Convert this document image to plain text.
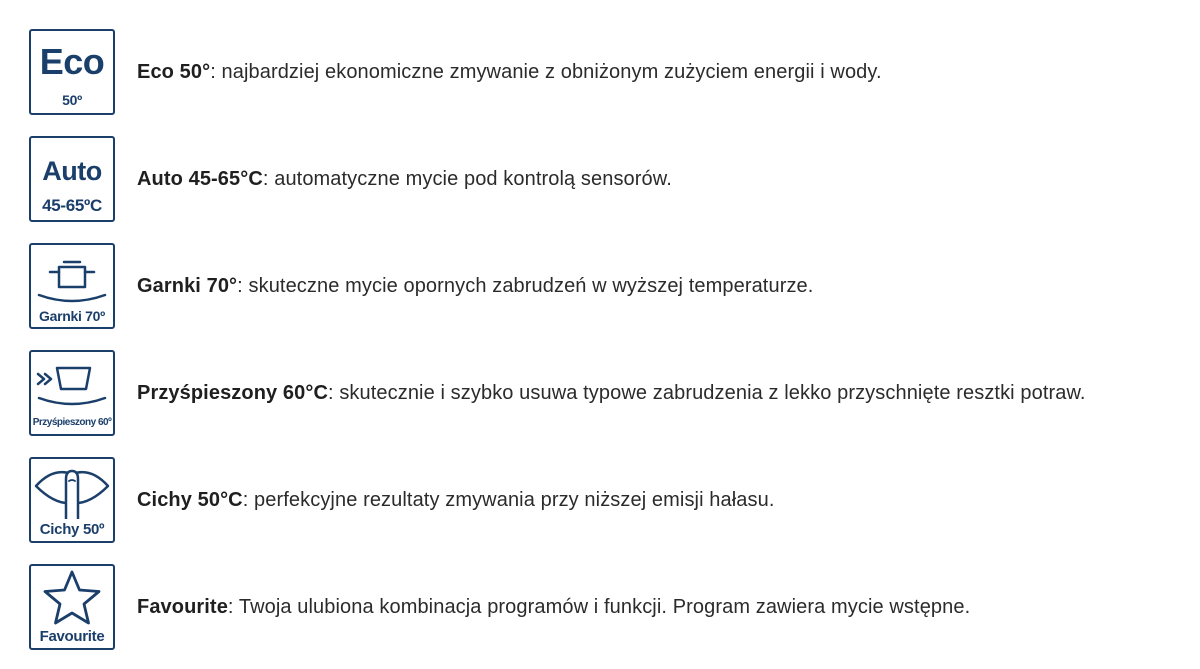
Eco
50º
Eco 50° : najbardziej ekonomiczne zmywanie z obniżonym zużyciem energii i wody.
Auto
45-65ºC
Auto 45-65°C : automatyczne mycie pod kontrolą sensorów.
Garnki 70º
Garnki 70° : skuteczne mycie opornych zabrudzeń w wyższej temperaturze.
Przyśpieszony 60º
Przyśpieszony 60°C : skutecznie i szybko usuwa typowe zabrudzenia z lekko przyschnięte resztki potraw.
Cichy 50º
Cichy 50°C : perfekcyjne rezultaty zmywania przy niższej emisji hałasu.
Favourite
Favourite : Twoja ulubiona kombinacja programów i funkcji. Program zawiera mycie wstępne.
